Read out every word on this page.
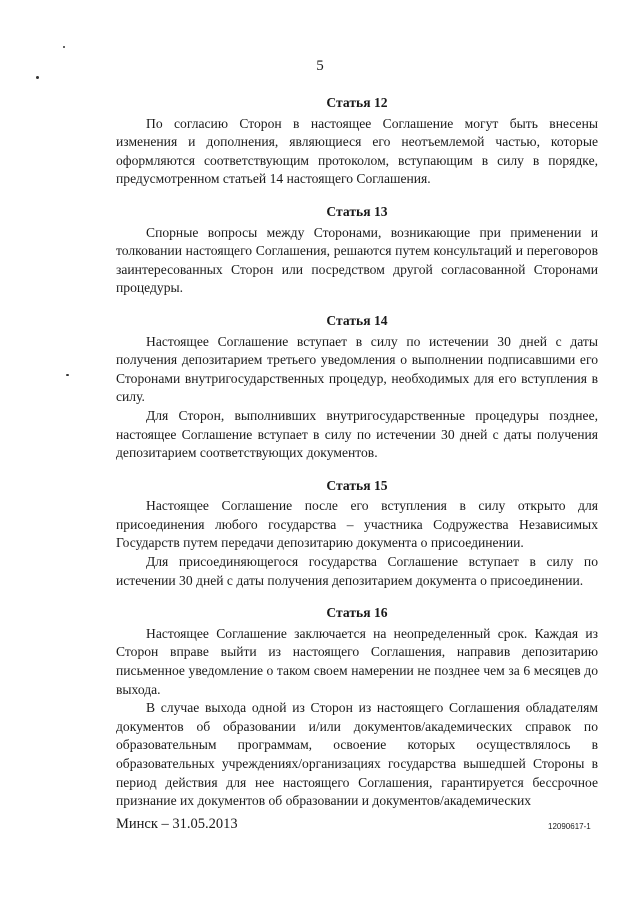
5

Статья 12

По согласию Сторон в настоящее Соглашение могут быть внесены изменения и дополнения, являющиеся его неотъемлемой частью, которые оформляются соответствующим протоколом, вступающим в силу в порядке, предусмотренном статьей 14 настоящего Соглашения.

Статья 13

Спорные вопросы между Сторонами, возникающие при применении и толковании настоящего Соглашения, решаются путем консультаций и переговоров заинтересованных Сторон или посредством другой согласованной Сторонами процедуры.

Статья 14

Настоящее Соглашение вступает в силу по истечении 30 дней с даты получения депозитарием третьего уведомления о выполнении подписавшими его Сторонами внутригосударственных процедур, необходимых для его вступления в силу.

Для Сторон, выполнивших внутригосударственные процедуры позднее, настоящее Соглашение вступает в силу по истечении 30 дней с даты получения депозитарием соответствующих документов.

Статья 15

Настоящее Соглашение после его вступления в силу открыто для присоединения любого государства – участника Содружества Независимых Государств путем передачи депозитарию документа о присоединении.

Для присоединяющегося государства Соглашение вступает в силу по истечении 30 дней с даты получения депозитарием документа о присоединении.

Статья 16

Настоящее Соглашение заключается на неопределенный срок. Каждая из Сторон вправе выйти из настоящего Соглашения, направив депозитарию письменное уведомление о таком своем намерении не позднее чем за 6 месяцев до выхода.

В случае выхода одной из Сторон из настоящего Соглашения обладателям документов об образовании и/или документов/академических справок по образовательным программам, освоение которых осуществлялось в образовательных учреждениях/организациях государства вышедшей Стороны в период действия для нее настоящего Соглашения, гарантируется бессрочное признание их документов об образовании и документов/академических

Минск – 31.05.2013	12090617-1
